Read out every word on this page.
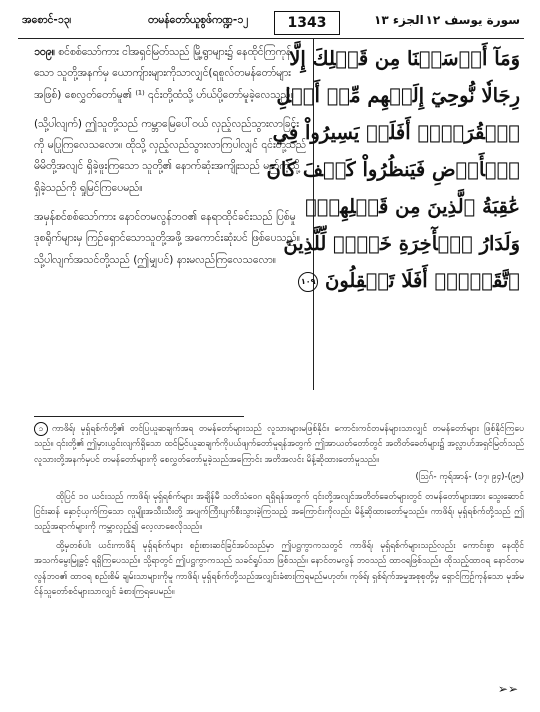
အစောင်-၁၃၊	တမန်တော်ယူစွဖ်ကဏ္ဍ-၁၂	1343	الجزء ١٣ سورة يوسف ١٢

၁၀၉။ စင်စစ်သော်ကား ငါအရှင်မြတ်သည် မြို့ရွာများ၌ နေထိုင်ကြကုန်သော သူတို့အနက်မှ ယောကျ်ားများကိုသာလျှင်(ရစူလ်တမန်တော်များအဖြစ်) စေလွှတ်တော်မူ၏ ⁽¹⁾ ၎င်းတို့ထံသို့ ဟ်ယ်ပို့တော်မူခဲ့လေသည်။

(သို့ပါလျက်) ဤသူတို့သည် ကမ္ဘာမြေပေါ်ဝယ် လှည့်လည်သွားလာခြင်းကို မပြုကြလေသလော။ ထိုသို့ လှည့်လည်သွားလာကြပါလျှင် ၎င်းတို့သည် မိမိတို့အလျင် ရှိခဲ့ဖူးကြသော သူတို့၏ နောက်ဆုံးအကျိုးသည် မည်ကဲ့သို့ ရှိခဲ့သည်ကို ရှုမြင်ကြပေမည်။

အမှန်စင်စစ်သော်ကား နောင်တမလွန်ဘဝ၏ နေရာထိုင်ခင်းသည် ပြစ်မှုဒုစရိုက်များမှ ကြဉ်ရှောင်သောသူတို့အဖို့ အကောင်းဆုံးပင် ဖြစ်ပေသည်။ သို့ပါလျက်အသင်တို့သည် (ဤမျှပင်) နားမလည်ကြလေသလော။

وَمَآ أَرۡسَلۡنَا مِن قَبۡلِكَ إِلَّا
رِجَالٗا نُّوحِيٓ إِلَيۡهِم مِّنۡ أَهۡلِ
ٱلۡقُرَىٰٓۗ أَفَلَمۡ يَسِيرُواْ فِي
ٱلۡأَرۡضِ فَيَنظُرُواْ كَيۡفَ كَانَ
عَٰقِبَةُ ٱلَّذِينَ مِن قَبۡلِهِمۡۗ
وَلَدَارُ ٱلۡأٓخِرَةِ خَيۡرٞ لِّلَّذِينَ
ٱتَّقَوۡاْۚ أَفَلَا تَعۡقِلُونَ ١٠٩

၁ ကာဖိရ်၊ မုရှ်ရစ်က်တို့၏ တင်ပြယူဆချက်အရ တမန်တော်များသည် လူသားများမဖြစ်နိုင်။ ကောင်းကင်တမန်များသာလျှင် တမန်တော်များ ဖြစ်နိုင်ကြပေသည်။ ၎င်းတို့၏ ဤမှားယွင်းလျက်ရှိသော ထင်မြင်ယူဆချက်ကိုပယ်ဖျက်တော်မူရန်အတွက် ဤအာယတ်တော်တွင် အတိတ်ခေတ်များ၌ အလ္လာဟ်အရှင်မြတ်သည် လူသားတို့အနက်မှပင် တမန်တော်များကို စေလွှတ်တော်မူခဲ့သည်အကြောင်း အတိအလင်း မိန့်ဆိုထားတော်မူသည်။

(သြဂ်- ကုရ်အာန်- (၁၇၊ ၉၄)-(၉၅)

ထိုပြင် ၁၀ ယင်းသည် ကာဖိရ်၊ မုရှ်ရစ်က်များ အချိန်မီ သတိသံဝေဂ ရရှိရန်အတွက် ၎င်းတို့အလျင်အတိတ်ခေတ်များတွင် တမန်တော်များအား သွေးဆောင်ငြင်းဆန် နှောင့်ယှက်ကြသော လူမျိုးအသီးသီးတို့ အပျက်ကြီးပျက်စီးသွားခဲ့ကြသည့် အကြောင်းကိုလည်း မိန့်ဆိုထားတော်မူသည်။ ကာဖိရ်၊ မုရှ်ရစ်က်တို့သည် ဤသည့်အရာက်များကို ကမ္ဘာလှည့်၍ လေ့လာစေလိုသည်။

ထို့မှတစ်ပါး ယင်းကာဖိရ် မုရှ်ရစ်က်များ စဉ်းစားဆင်ခြင်အပ်သည်မှာ ဤပဋ္ဌကွာကသတွင် ကာဖိရ်၊ မုရှ်ရစ်က်များသည်လည်း ကောင်းစွာ နေထိုင်အသက်မွေးမြူခွင့် ရရှိကြပေသည်။ သို့ရာတွင် ဤပဋ္ဌကွာကသည် သခင်ရှုပ်သာ ဖြစ်သည်။ နောင်တမလွန် ဘဝသည် ထာဝရဖြစ်သည်။ ထိုသည့်ထာဝရ နောင်တမလွန်ဘဝ၏ ထာဝရ စည်းစိမ် ချမ်းသာများကိုမူ ကာဖိရ်၊ မုရှ်ရစ်က်တို့သည်အလျှင်းခံစားကြရမည်မဟုတ်။ ကုဖ်ရ်၊ ရှစ်ရ်က်အမှုအစုစုတို့မှ ရှောင်ကြဉ်ကုန်သော မုအ်မင်န်သူတော်စင်များသာလျှင် ခံစားကြရပေမည်။

➢➢
